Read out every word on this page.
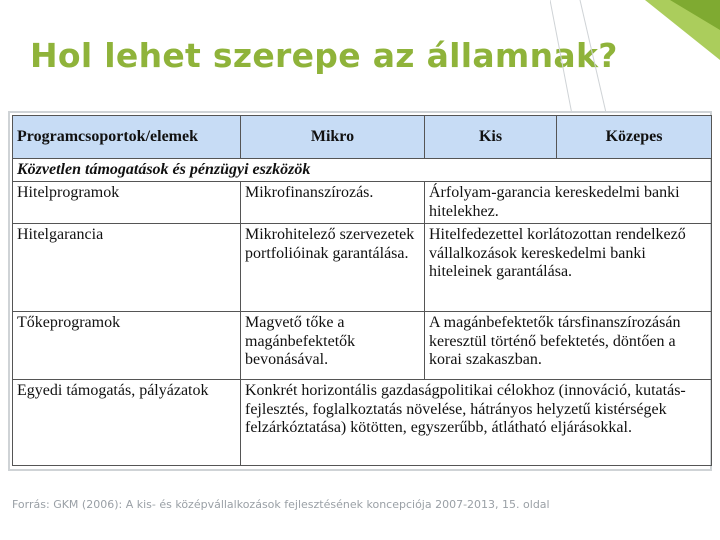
Hol lehet szerepe az államnak?
Programcsoportok/elemek	Mikro	Kis	Közepes
Közvetlen támogatások és pénzügyi eszközök			
Hitelprogramok	Mikrofinanszírozás.	Árfolyam-garancia kereskedelmi banki hitelekhez.	
Hitelgarancia	Mikrohitelező szervezetek portfolióinak garantálása.	Hitelfedezettel korlátozottan rendelkező vállalkozások kereskedelmi banki hiteleinek garantálása.	
Tőkeprogramok	Magvető tőke a magánbefektetők bevonásával.	A magánbefektetők társfinanszírozásán keresztül történő befektetés, döntően a korai szakaszban.	
Egyedi támogatás, pályázatok	Konkrét horizontális gazdaságpolitikai célokhoz (innováció, kutatás-fejlesztés, foglalkoztatás növelése, hátrányos helyzetű kistérségek felzárkóztatása) kötötten, egyszerűbb, átlátható eljárásokkal.		
Forrás: GKM (2006): A kis- és középvállalkozások fejlesztésének koncepciója 2007-2013, 15. oldal
